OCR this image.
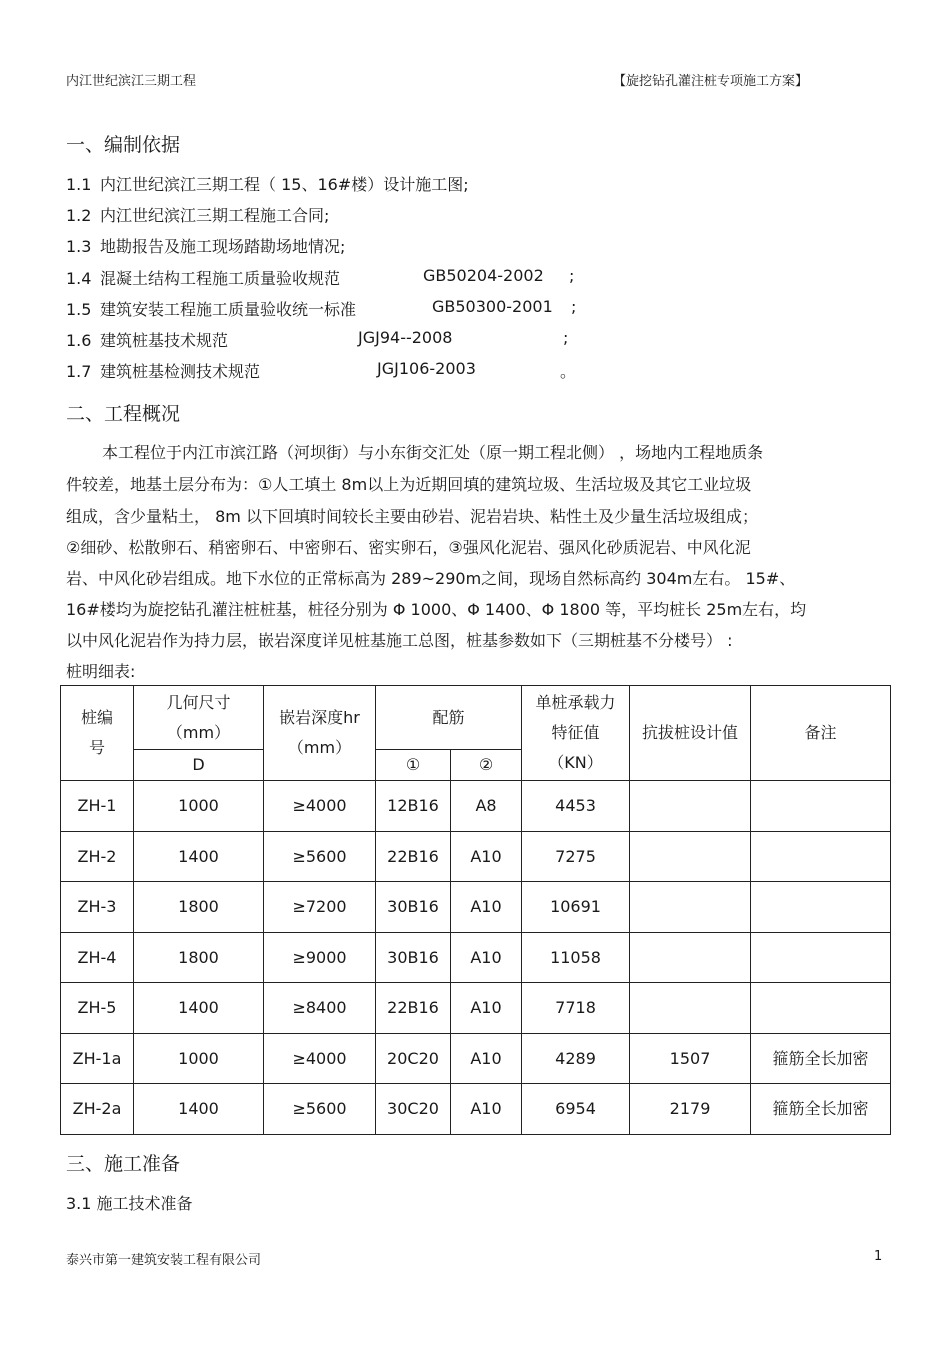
内江世纪滨江三期工程	【旋挖钻孔灌注桩专项施工方案】
一、编制依据
1.1 内江世纪滨江三期工程（ 15、16#楼）设计施工图;
1.2 内江世纪滨江三期工程施工合同;
1.3 地勘报告及施工现场踏勘场地情况;
1.4 混凝土结构工程施工质量验收规范	GB50204-2002 ;
1.5 建筑安装工程施工质量验收统一标准	GB50300-2001 ;
1.6 建筑桩基技术规范	JGJ94--2008	;
1.7 建筑桩基检测技术规范	JGJ106-2003	。
二、工程概况
本工程位于内江市滨江路（河坝街）与小东街交汇处（原一期工程北侧） ，场地内工程地质条
件较差，地基土层分布为：①人工填土 8m以上为近期回填的建筑垃圾、生活垃圾及其它工业垃圾
组成，含少量粘土， 8m 以下回填时间较长主要由砂岩、泥岩岩块、粘性土及少量生活垃圾组成；
②细砂、松散卵石、稍密卵石、中密卵石、密实卵石，③强风化泥岩、强风化砂质泥岩、中风化泥
岩、中风化砂岩组成。地下水位的正常标高为 289~290m之间，现场自然标高约 304m左右。 15#、
16#楼均为旋挖钻孔灌注桩桩基，桩径分别为 Φ 1000、Φ 1400、Φ 1800 等，平均桩长 25m左右，均
以中风化泥岩作为持力层，嵌岩深度详见桩基施工总图，桩基参数如下（三期桩基不分楼号） :
桩明细表:
桩编号	几何尺寸（mm）	嵌岩深度hr（mm）	配筋		单桩承载力特征值（KN）	抗拔桩设计值	备注
	D		①	②			
ZH-1	1000	≥4000	12B16	A8	4453		
ZH-2	1400	≥5600	22B16	A10	7275		
ZH-3	1800	≥7200	30B16	A10	10691		
ZH-4	1800	≥9000	30B16	A10	11058		
ZH-5	1400	≥8400	22B16	A10	7718		
ZH-1a	1000	≥4000	20C20	A10	4289	1507	箍筋全长加密
ZH-2a	1400	≥5600	30C20	A10	6954	2179	箍筋全长加密
三、施工准备
3.1 施工技术准备
泰兴市第一建筑安装工程有限公司	1
